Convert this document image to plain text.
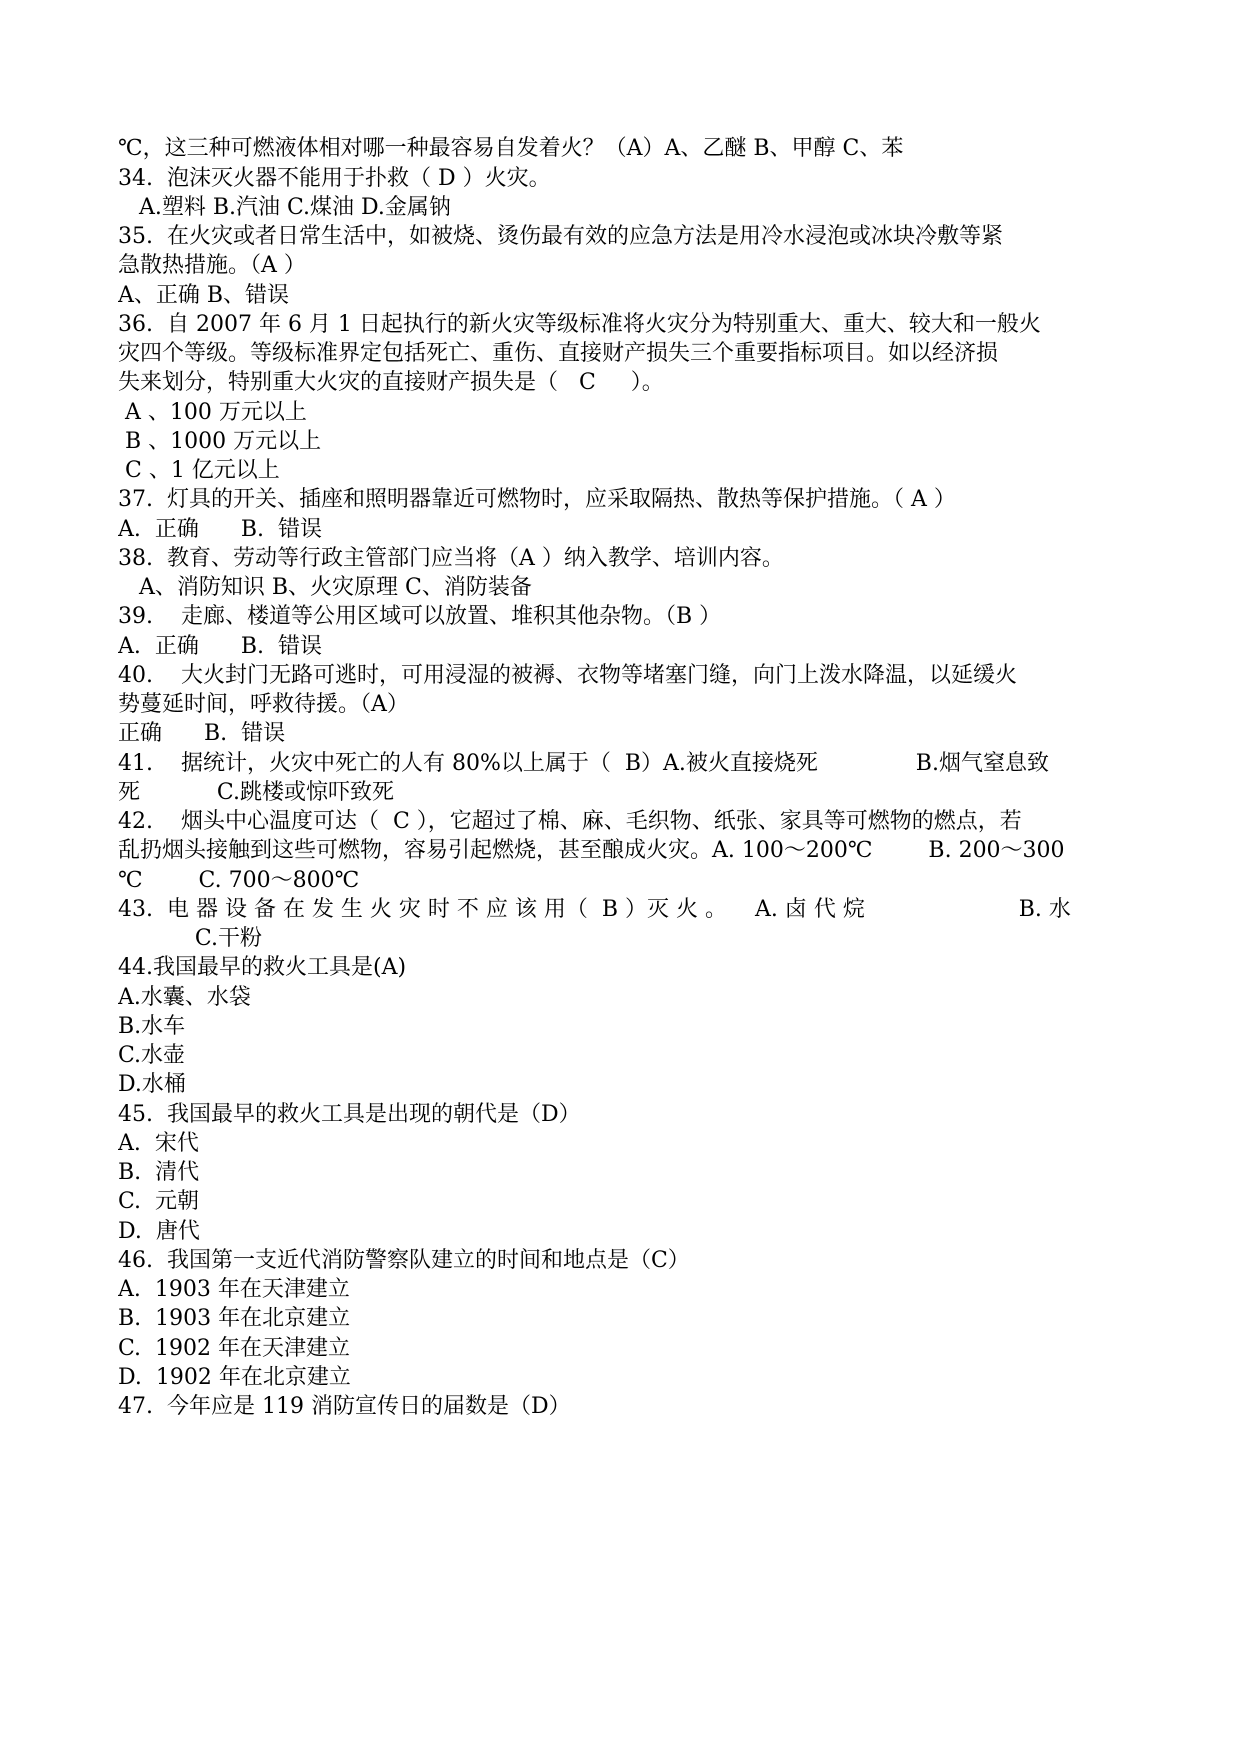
℃，这三种可燃液体相对哪一种最容易自发着火？（A）A、乙醚 B、甲醇 C、苯
34.  泡沫灭火器不能用于扑救（ D ）火灾。
A.塑料 B.汽油 C.煤油 D.金属钠
35.  在火灾或者日常生活中，如被烧、烫伤最有效的应急方法是用冷水浸泡或冰块冷敷等紧
急散热措施。（A ）
A、正确 B、错误
36.  自 2007 年 6 月 1 日起执行的新火灾等级标准将火灾分为特别重大、重大、较大和一般火
灾四个等级。等级标准界定包括死亡、重伤、直接财产损失三个重要指标项目。如以经济损
失来划分，特别重大火灾的直接财产损失是（   C     ）。
A 、100 万元以上
B 、1000 万元以上
C 、1 亿元以上
37.  灯具的开关、插座和照明器靠近可燃物时，应采取隔热、散热等保护措施。（ A ）
A.  正确      B.  错误
38.  教育、劳动等行政主管部门应当将（A ）纳入教学、培训内容。
A、消防知识 B、火灾原理 C、消防装备
39.    走廊、楼道等公用区域可以放置、堆积其他杂物。（B ）
A.  正确      B.  错误
40.    大火封门无路可逃时，可用浸湿的被褥、衣物等堵塞门缝，向门上泼水降温，以延缓火
势蔓延时间，呼救待援。（A）
正确      B.  错误
41.    据统计，火灾中死亡的人有 80%以上属于（  B）A.被火直接烧死              B.烟气窒息致
死           C.跳楼或惊吓致死
42.    烟头中心温度可达（  C ），它超过了棉、麻、毛织物、纸张、家具等可燃物的燃点，若
乱扔烟头接触到这些可燃物，容易引起燃烧，甚至酿成火灾。A. 100～200℃        B. 200～300
℃        C. 700～800℃
43.  电 器 设 备 在 发 生 火 灾 时 不 应 该 用（  B ）灭 火 。    A. 卤 代 烷                      B. 水
C.干粉
44.我国最早的救火工具是(A)
A.水囊、水袋
B.水车
C.水壶
D.水桶
45.  我国最早的救火工具是出现的朝代是（D）
A.  宋代
B.  清代
C.  元朝
D.  唐代
46.  我国第一支近代消防警察队建立的时间和地点是（C）
A.  1903 年在天津建立
B.  1903 年在北京建立
C.  1902 年在天津建立
D.  1902 年在北京建立
47.  今年应是 119 消防宣传日的届数是（D）
